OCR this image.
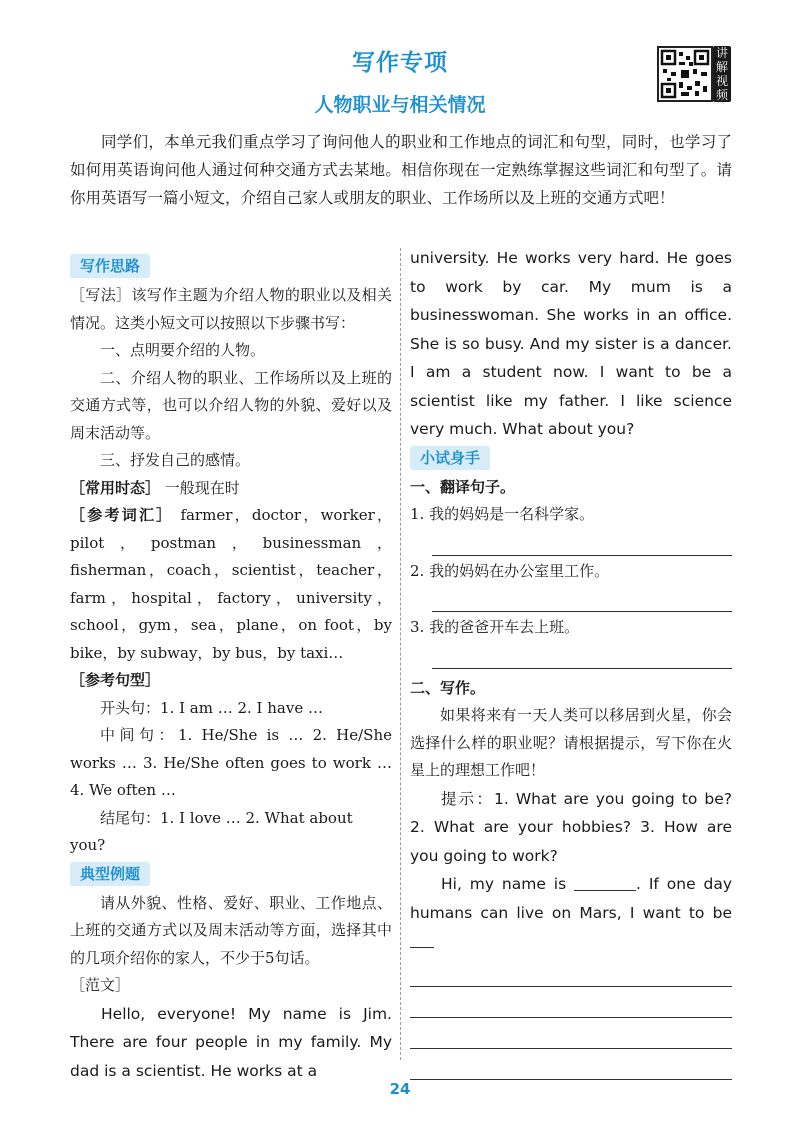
写作专项
人物职业与相关情况
讲解视频

同学们，本单元我们重点学习了询问他人的职业和工作地点的词汇和句型，同时，也学习了如何用英语询问他人通过何种交通方式去某地。相信你现在一定熟练掌握这些词汇和句型了。请你用英语写一篇小短文，介绍自己家人或朋友的职业、工作场所以及上班的交通方式吧！

写作思路

［写法］该写作主题为介绍人物的职业以及相关情况。这类小短文可以按照以下步骤书写：

一、点明要介绍的人物。

二、介绍人物的职业、工作场所以及上班的交通方式等，也可以介绍人物的外貌、爱好以及周末活动等。

三、抒发自己的感情。

［常用时态］ 一般现在时

［参考词汇］ farmer，doctor，worker，pilot，postman，businessman，fisherman，coach，scientist，teacher，farm，hospital，factory，university，school，gym，sea，plane，on foot，by bike，by subway，by bus，by taxi…

［参考句型］

开头句：1. I am … 2. I have …

中间句：1. He/She is … 2. He/She works … 3. He/She often goes to work … 4. We often …

结尾句：1. I love … 2. What about you?

典型例题

请从外貌、性格、爱好、职业、工作地点、上班的交通方式以及周末活动等方面，选择其中的几项介绍你的家人，不少于5句话。

［范文］

Hello, everyone! My name is Jim. There are four people in my family. My dad is a scientist. He works at a

university. He works very hard. He goes to work by car. My mum is a businesswoman. She works in an office. She is so busy. And my sister is a dancer. I am a student now. I want to be a scientist like my father. I like science very much. What about you?

小试身手

一、翻译句子。

1. 我的妈妈是一名科学家。

2. 我的妈妈在办公室里工作。

3. 我的爸爸开车去上班。

二、写作。

如果将来有一天人类可以移居到火星，你会选择什么样的职业呢？请根据提示，写下你在火星上的理想工作吧！

提示：1. What are you going to be? 2. What are your hobbies? 3. How are you going to work?

Hi, my name is	. If one day humans can live on Mars, I want to be

24
